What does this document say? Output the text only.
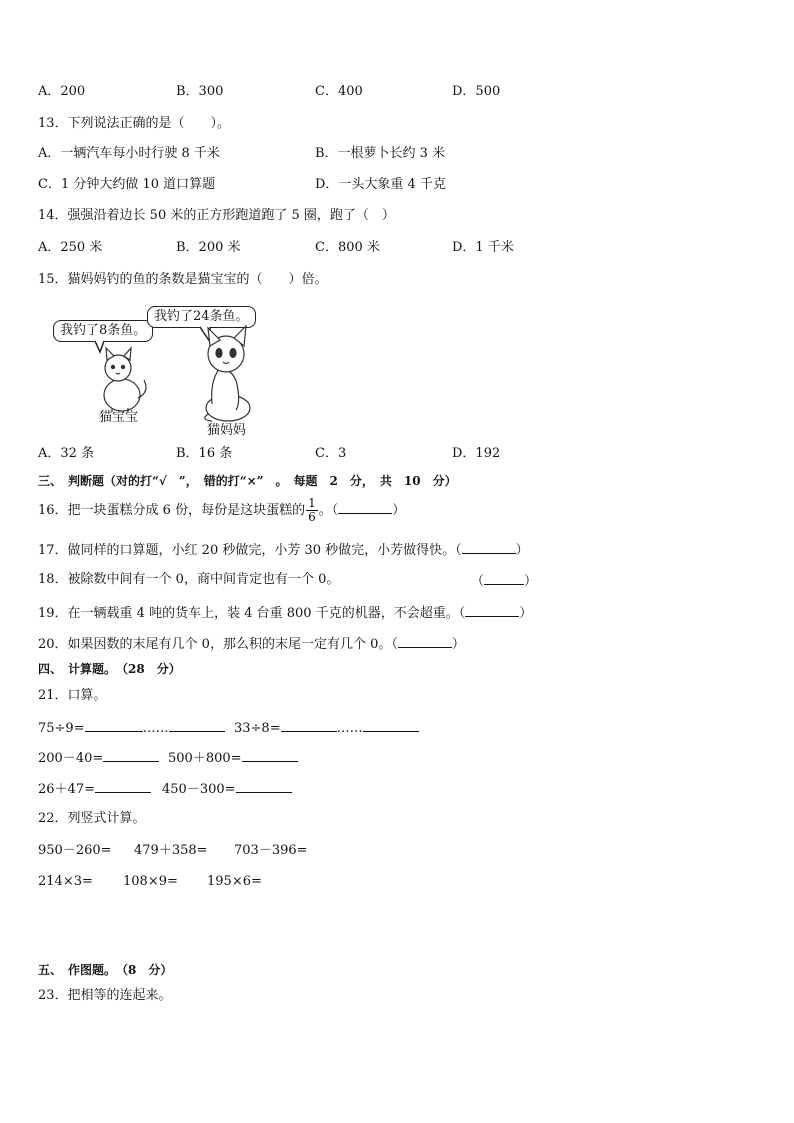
A．200	B．300	C．400	D．500
13．下列说法正确的是（　　）。
A．一辆汽车每小时行驶 8 千米	B．一根萝卜长约 3 米
C．1 分钟大约做 10 道口算题	D．一头大象重 4 千克
14．强强沿着边长 50 米的正方形跑道跑了 5 圈，跑了（　）
A．250 米	B．200 米	C．800 米	D．1 千米
15．猫妈妈钓的鱼的条数是猫宝宝的（　　）倍。
我钓了8条鱼。
我钓了24条鱼。
猫宝宝
猫妈妈
A．32 条	B．16 条	C．3	D．192
三、　判断题（对的打“√　”，　错的打“×”　。　每题　2　分，　共　10　分）
16．把一块蛋糕分成 6 份，每份是这块蛋糕的 $\frac{1}{6}$ 。（	）
17．做同样的口算题，小红 20 秒做完，小芳 30 秒做完，小芳做得快。（	）
18．被除数中间有一个 0，商中间肯定也有一个 0。	（	）
19．在一辆载重 4 吨的货车上，装 4 台重 800 千克的机器，不会超重。（	）
20．如果因数的末尾有几个 0，那么积的末尾一定有几个 0。（	）
四、　计算题。　（28　分）
21．口算。
75÷9=	……	33÷8=	……
200－40=	500＋800=
26＋47=	450－300=
22．列竖式计算。
950－260= 479＋358= 703－396=
214×3= 108×9= 195×6=
五、　作图题。　（8　分）
23．把相等的连起来。
